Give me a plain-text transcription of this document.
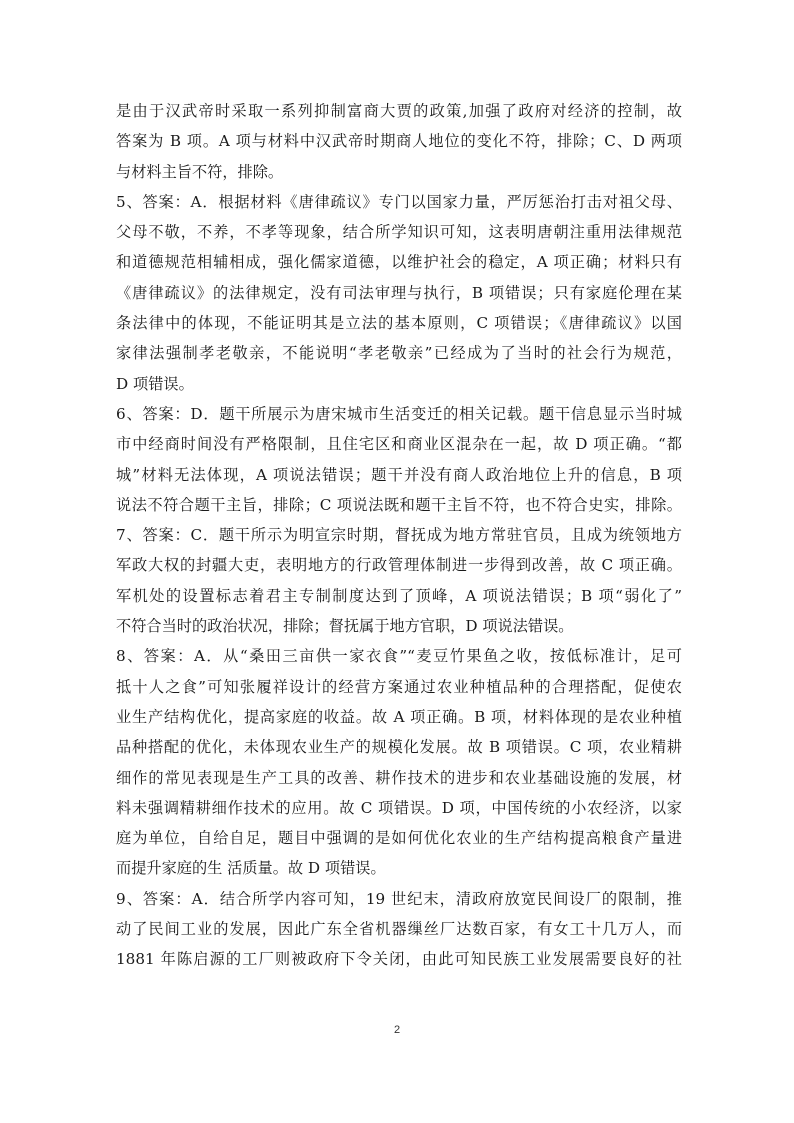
是由于汉武帝时采取一系列抑制富商大贾的政策,加强了政府对经济的控制，故
答案为 B 项。A 项与材料中汉武帝时期商人地位的变化不符，排除；C、D 两项
与材料主旨不符，排除。
5、答案：A．根据材料《唐律疏议》专门以国家力量，严厉惩治打击对祖父母、
父母不敬，不养，不孝等现象，结合所学知识可知，这表明唐朝注重用法律规范
和道德规范相辅相成，强化儒家道德，以维护社会的稳定，A 项正确；材料只有
《唐律疏议》的法律规定，没有司法审理与执行，B 项错误；只有家庭伦理在某
条法律中的体现，不能证明其是立法的基本原则，C 项错误；《唐律疏议》以国
家律法强制孝老敬亲，不能说明“孝老敬亲”已经成为了当时的社会行为规范，
D 项错误。
6、答案：D．题干所展示为唐宋城市生活变迁的相关记载。题干信息显示当时城
市中经商时间没有严格限制，且住宅区和商业区混杂在一起，故 D 项正确。“都
城”材料无法体现，A 项说法错误；题干并没有商人政治地位上升的信息，B 项
说法不符合题干主旨，排除；C 项说法既和题干主旨不符，也不符合史实，排除。
7、答案：C．题干所示为明宣宗时期，督抚成为地方常驻官员，且成为统领地方
军政大权的封疆大吏，表明地方的行政管理体制进一步得到改善，故 C 项正确。
军机处的设置标志着君主专制制度达到了顶峰，A 项说法错误；B 项“弱化了”
不符合当时的政治状况，排除；督抚属于地方官职，D 项说法错误。
8、答案：A．从“桑田三亩供一家衣食”“麦豆竹果鱼之收，按低标准计，足可
抵十人之食”可知张履祥设计的经营方案通过农业种植品种的合理搭配，促使农
业生产结构优化，提高家庭的收益。故 A 项正确。B 项，材料体现的是农业种植
品种搭配的优化，未体现农业生产的规模化发展。故 B 项错误。C 项，农业精耕
细作的常见表现是生产工具的改善、耕作技术的进步和农业基础设施的发展，材
料未强调精耕细作技术的应用。故 C 项错误。D 项，中国传统的小农经济，以家
庭为单位，自给自足，题目中强调的是如何优化农业的生产结构提高粮食产量进
而提升家庭的生 活质量。故 D 项错误。
9、答案：A．结合所学内容可知，19 世纪末，清政府放宽民间设厂的限制，推
动了民间工业的发展，因此广东全省机器缫丝厂达数百家，有女工十几万人，而
1881 年陈启源的工厂则被政府下令关闭，由此可知民族工业发展需要良好的社
2
